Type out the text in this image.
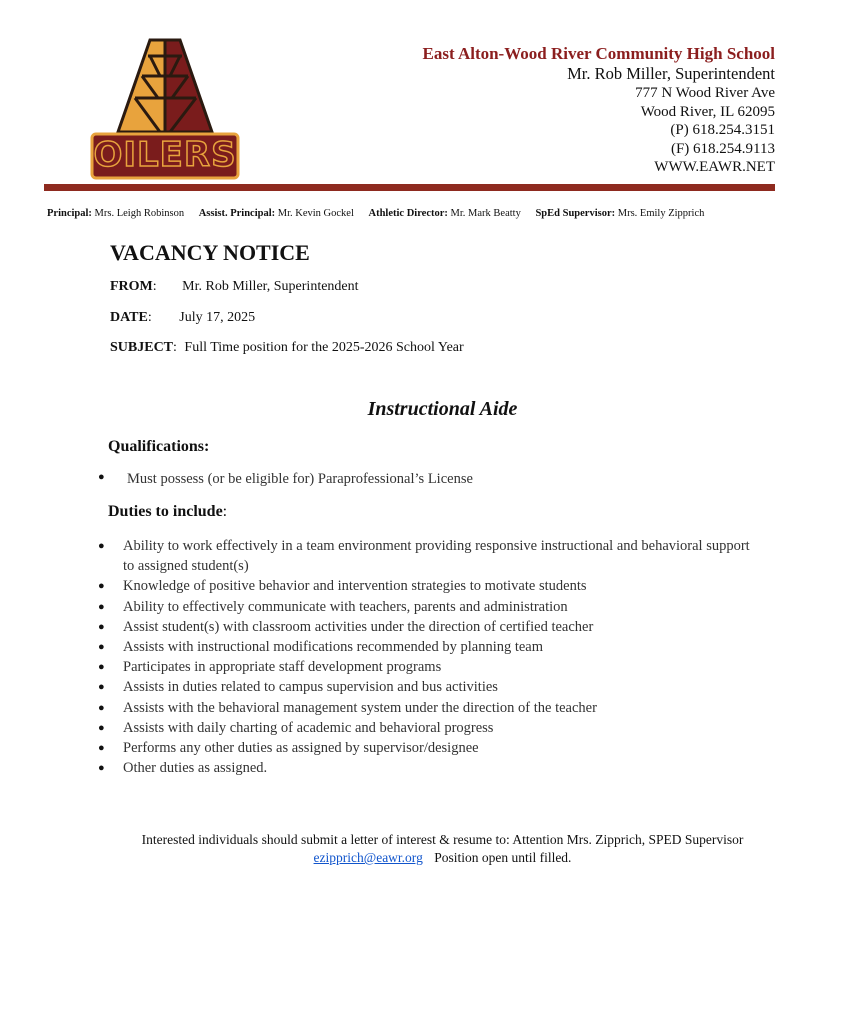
OILERS
East Alton-Wood River Community High School
Mr. Rob Miller, Superintendent
777 N Wood River Ave
Wood River, IL 62095
(P) 618.254.3151
(F) 618.254.9113
WWW.EAWR.NET
Principal: Mrs. Leigh Robinson Assist. Principal: Mr. Kevin Gockel Athletic Director: Mr. Mark Beatty SpEd Supervisor: Mrs. Emily Zipprich
VACANCY NOTICE
FROM: Mr. Rob Miller, Superintendent
DATE: July 17, 2025
SUBJECT: Full Time position for the 2025-2026 School Year
Instructional Aide
Qualifications:
● Must possess (or be eligible for) Paraprofessional’s License
Duties to include:
● Ability to work effectively in a team environment providing responsive instructional and behavioral support to assigned student(s)
● Knowledge of positive behavior and intervention strategies to motivate students
● Ability to effectively communicate with teachers, parents and administration
● Assist student(s) with classroom activities under the direction of certified teacher
● Assists with instructional modifications recommended by planning team
● Participates in appropriate staff development programs
● Assists in duties related to campus supervision and bus activities
● Assists with the behavioral management system under the direction of the teacher
● Assists with daily charting of academic and behavioral progress
● Performs any other duties as assigned by supervisor/designee
● Other duties as assigned.
Interested individuals should submit a letter of interest & resume to: Attention Mrs. Zipprich, SPED Supervisor
ezipprich@eawr.org Position open until filled.
